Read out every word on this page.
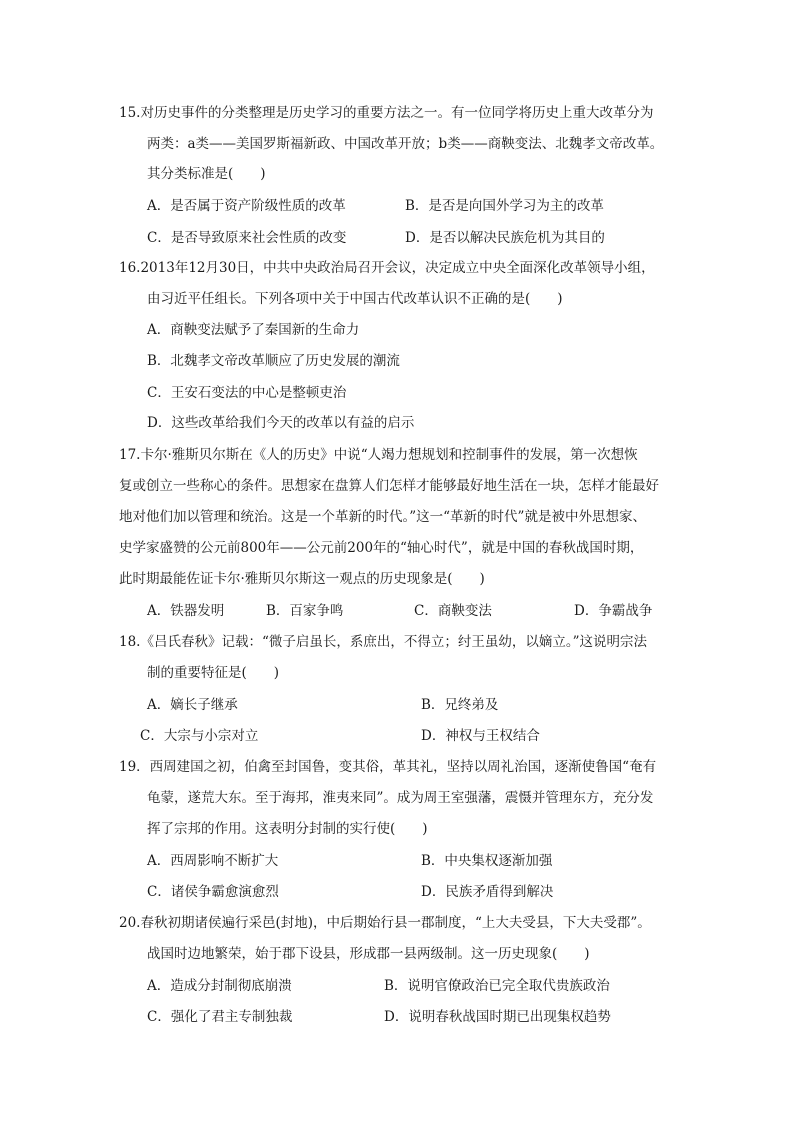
15.对历史事件的分类整理是历史学习的重要方法之一。有一位同学将历史上重大改革分为
两类：a类——美国罗斯福新政、中国改革开放；b类——商鞅变法、北魏孝文帝改革。
其分类标准是(　　)
A．是否属于资产阶级性质的改革	B．是否是向国外学习为主的改革
C．是否导致原来社会性质的改变	D．是否以解决民族危机为其目的
16.2013年12月30日，中共中央政治局召开会议，决定成立中央全面深化改革领导小组，
由习近平任组长。下列各项中关于中国古代改革认识不正确的是(　　)
A．商鞅变法赋予了秦国新的生命力
B．北魏孝文帝改革顺应了历史发展的潮流
C．王安石变法的中心是整顿吏治
D．这些改革给我们今天的改革以有益的启示
17.卡尔·雅斯贝尔斯在《人的历史》中说“人竭力想规划和控制事件的发展，第一次想恢
复或创立一些称心的条件。思想家在盘算人们怎样才能够最好地生活在一块，怎样才能最好
地对他们加以管理和统治。这是一个革新的时代。”这一“革新的时代”就是被中外思想家、
史学家盛赞的公元前800年——公元前200年的“轴心时代”，就是中国的春秋战国时期，
此时期最能佐证卡尔·雅斯贝尔斯这一观点的历史现象是(　　)
A．铁器发明	B．百家争鸣	C．商鞅变法	D．争霸战争
18.《吕氏春秋》记载：“微子启虽长，系庶出，不得立；纣王虽幼，以嫡立。”这说明宗法
制的重要特征是(　　)
A．嫡长子继承	B．兄终弟及
C．大宗与小宗对立	D．神权与王权结合
19．西周建国之初，伯禽至封国鲁，变其俗，革其礼，坚持以周礼治国，逐渐使鲁国“奄有
龟蒙，遂荒大东。至于海邦，淮夷来同”。成为周王室强藩，震慑并管理东方，充分发
挥了宗邦的作用。这表明分封制的实行使(　　)
A．西周影响不断扩大	B．中央集权逐渐加强
C．诸侯争霸愈演愈烈	D．民族矛盾得到解决
20.春秋初期诸侯遍行采邑(封地)，中后期始行县一郡制度，“上大夫受县，下大夫受郡”。
战国时边地繁荣，始于郡下设县，形成郡一县两级制。这一历史现象(　　)
A．造成分封制彻底崩溃	B．说明官僚政治已完全取代贵族政治
C．强化了君主专制独裁	D．说明春秋战国时期已出现集权趋势
